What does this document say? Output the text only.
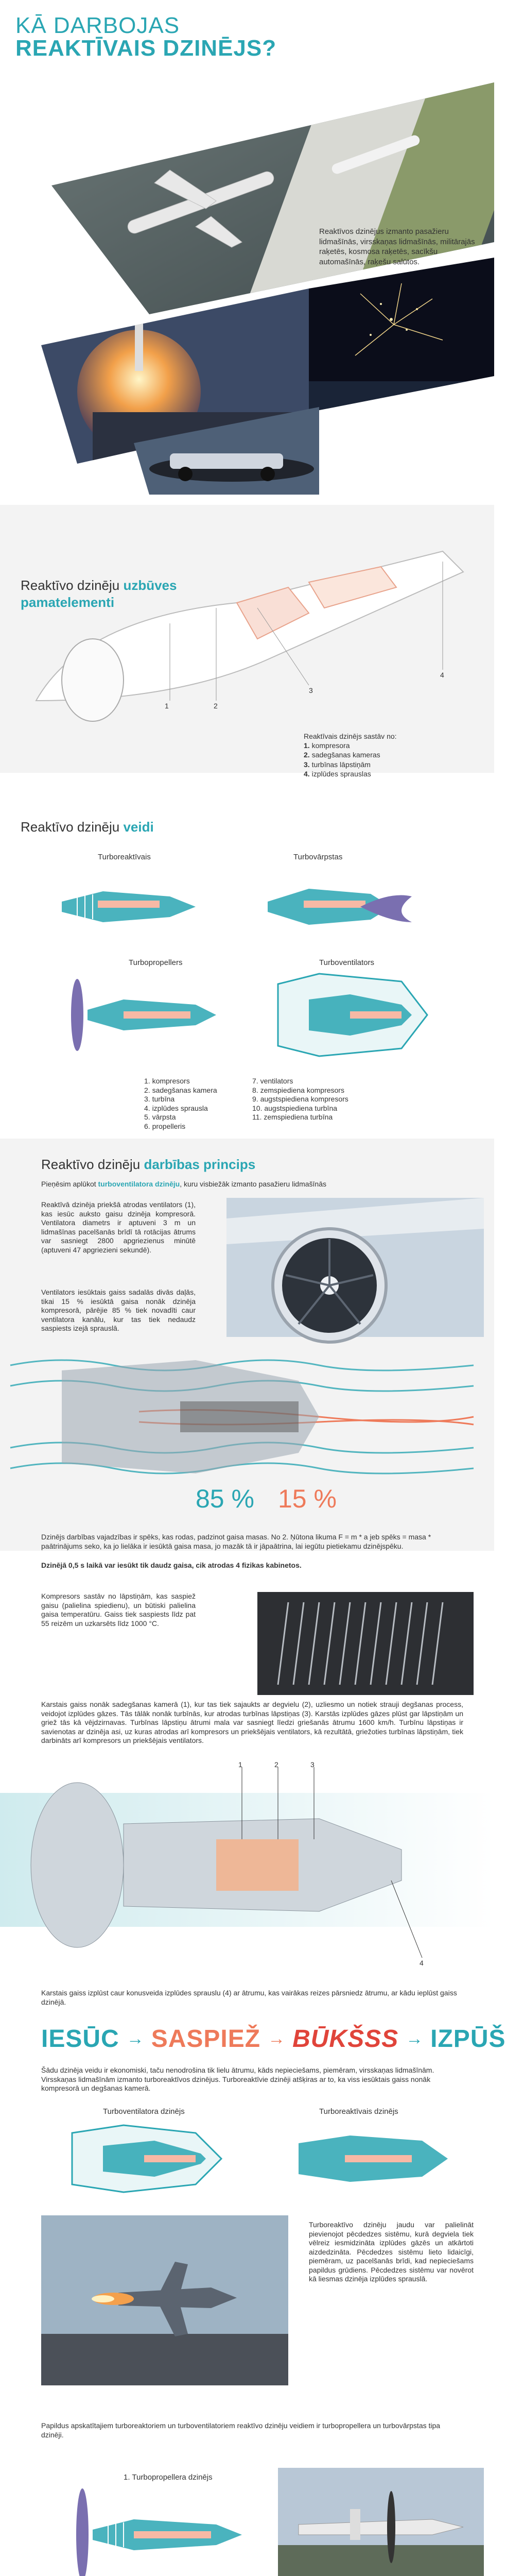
KĀ DARBOJAS
REAKTĪVAIS DZINĒJS?
Reaktīvos dzinējus izmanto pasažieru lidmašīnās, virsskaņas lidmašīnās, militārajās raķetēs, kosmosa raķetēs, sacīkšu automašīnās, raķešu salūtos.
Reaktīvo dzinēju uzbūves pamatelementi
1	2
3
4
Reaktīvais dzinējs sastāv no:
1. kompresora
2. sadegšanas kameras
3. turbīnas lāpstiņām
4. izplūdes sprauslas
Reaktīvo dzinēju veidi
Turboreaktīvais	Turbovārpstas
Turbopropellers	Turboventilators
1. kompresors
2. sadegšanas kamera
3. turbīna
4. izplūdes sprausla
5. vārpsta
6. propelleris
7. ventilators
8. zemspiediena kompresors
9. augstspiediena kompresors
10. augstspiediena turbīna
11. zemspiediena turbīna
Reaktīvo dzinēju darbības princips
Pieņēsim aplūkot turboventilatora dzinēju, kuru visbiežāk izmanto pasažieru lidmašīnās
Reaktīvā dzinēja priekšā atrodas ventilators (1), kas iesūc auksto gaisu dzinēja kompresorā. Ventilatora diametrs ir aptuveni 3 m un lidmašīnas pacelšanās brīdī tā rotācijas ātrums var sasniegt 2800 apgriezienus minūtē (aptuveni 47 apgriezieni sekundē).
Ventilators iesūktais gaiss sadalās divās daļās, tikai 15 % iesūktā gaisa nonāk dzinēja kompresorā, pārējie 85 % tiek novadīti caur ventilatora kanālu, kur tas tiek nedaudz saspiests izejā sprauslā.
85 % 15 %
Dzinējs darbības vajadzības ir spēks, kas rodas, padzinot gaisa masas. No 2. Ņūtona likuma F = m * a jeb spēks = masa * paātrinājums seko, ka jo lielāka ir iesūktā gaisa masa, jo mazāk tā ir jāpaātrina, lai iegūtu pietiekamu dzinējspēku.
Dzinējā 0,5 s laikā var iesūkt tik daudz gaisa, cik atrodas 4 fizikas kabinetos.
Kompresors sastāv no lāpstiņām, kas saspiež gaisu (palielina spiedienu), un būtiski palielina gaisa temperatūru. Gaiss tiek saspiests līdz pat 55 reizēm un uzkarsēts līdz 1000 °C.
Karstais gaiss nonāk sadegšanas kamerā (1), kur tas tiek sajaukts ar degvielu (2), uzliesmo un notiek strauji degšanas process, veidojot izplūdes gāzes. Tās tālāk nonāk turbīnās, kur atrodas turbīnas lāpstiņas (3). Karstās izplūdes gāzes plūst gar lāpstiņām un griež tās kā vējdzirnavas. Turbīnas lāpstiņu ātrumi mala var sasniegt līedzi griešanās ātrumu 1600 km/h. Turbīnu lāpstiņas ir savienotas ar dzinēja asi, uz kuras atrodas arī kompresors un priekšējais ventilators, kā rezultātā, griežoties turbīnas lāpstiņām, tiek darbināts arī kompresors un priekšējais ventilators.
1	2	3
4
Karstais gaiss izplūst caur konusveida izplūdes sprauslu (4) ar ātrumu, kas vairākas reizes pārsniedz ātrumu, ar kādu ieplūst gaiss dzinējā.
IESŪC → SASPIEŽ → BŪKŠSS → IZPŪŠ
Šādu dzinēja veidu ir ekonomiski, taču nenodrošina tik lielu ātrumu, kāds nepieciešams, piemēram, virsskaņas lidmašīnām. Virsskaņas lidmašīnām izmanto turboreaktīvos dzinējus. Turboreaktīvie dzinēji atšķiras ar to, ka viss iesūktais gaiss nonāk kompresorā un degšanas kamerā.
Turboventilatora dzinējs	Turboreaktīvais dzinējs
Turboreaktīvo dzinēju jaudu var palielināt pievienojot pēcdedzes sistēmu, kurā degviela tiek vēlreiz iesmidzināta izplūdes gāzēs un atkārtoti aizdedzināta. Pēcdedzes sistēmu lieto lidaicīgi, piemēram, uz pacelšanās brīdi, kad nepieciešams papildus grūdiens. Pēcdedzes sistēmu var novērot kā liesmas dzinēja izplūdes sprauslā.
Papildus apskatītajiem turboreaktoriem un turboventilatoriem reaktīvo dzinēju veidiem ir turbopropellera un turbovārpstas tipa dzinēji.
1. Turbopropellera dzinējs
